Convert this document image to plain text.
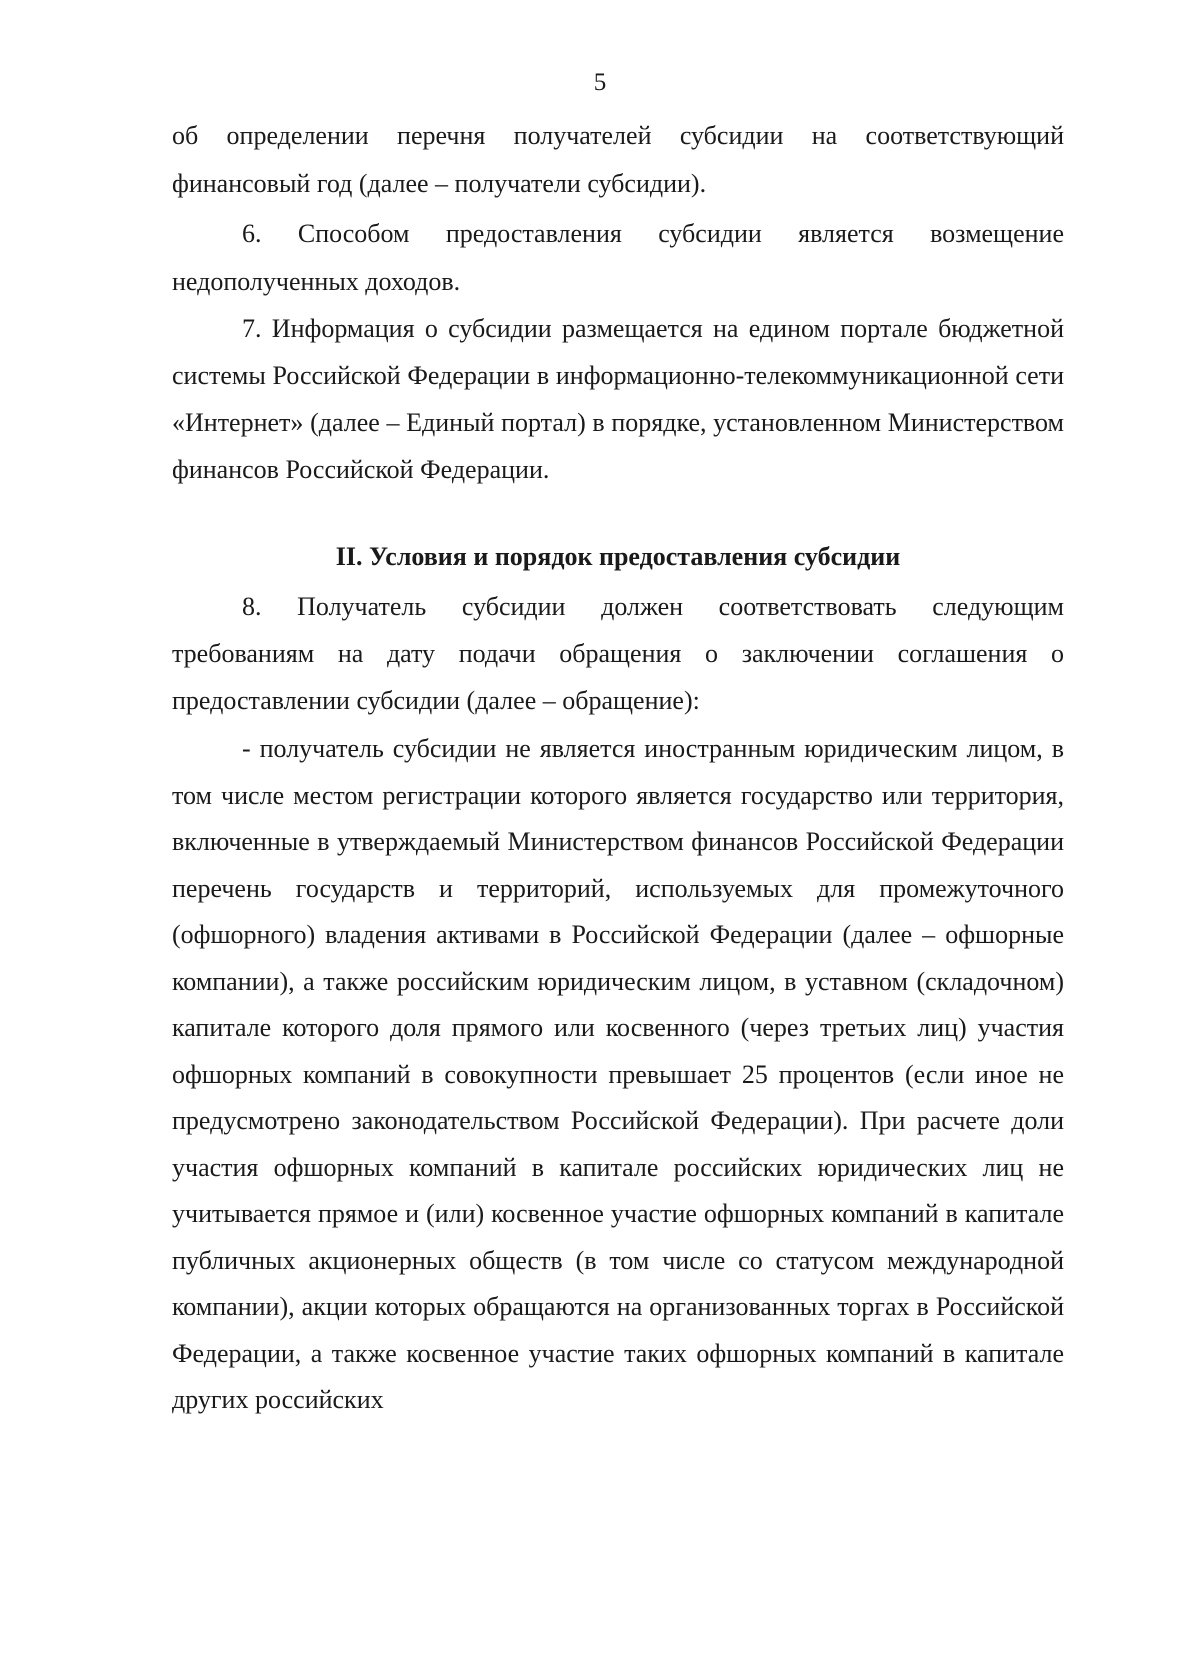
5

об определении перечня получателей субсидии на соответствующий финансовый год (далее – получатели субсидии).

6. Способом предоставления субсидии является возмещение недополученных доходов.

7. Информация о субсидии размещается на едином портале бюджетной системы Российской Федерации в информационно-телекоммуникационной сети «Интернет» (далее – Единый портал) в порядке, установленном Министерством финансов Российской Федерации.

II. Условия и порядок предоставления субсидии

8. Получатель субсидии должен соответствовать следующим требованиям на дату подачи обращения о заключении соглашения о предоставлении субсидии (далее – обращение):

- получатель субсидии не является иностранным юридическим лицом, в том числе местом регистрации которого является государство или территория, включенные в утверждаемый Министерством финансов Российской Федерации перечень государств и территорий, используемых для промежуточного (офшорного) владения активами в Российской Федерации (далее – офшорные компании), а также российским юридическим лицом, в уставном (складочном) капитале которого доля прямого или косвенного (через третьих лиц) участия офшорных компаний в совокупности превышает 25 процентов (если иное не предусмотрено законодательством Российской Федерации). При расчете доли участия офшорных компаний в капитале российских юридических лиц не учитывается прямое и (или) косвенное участие офшорных компаний в капитале публичных акционерных обществ (в том числе со статусом международной компании), акции которых обращаются на организованных торгах в Российской Федерации, а также косвенное участие таких офшорных компаний в капитале других российских
